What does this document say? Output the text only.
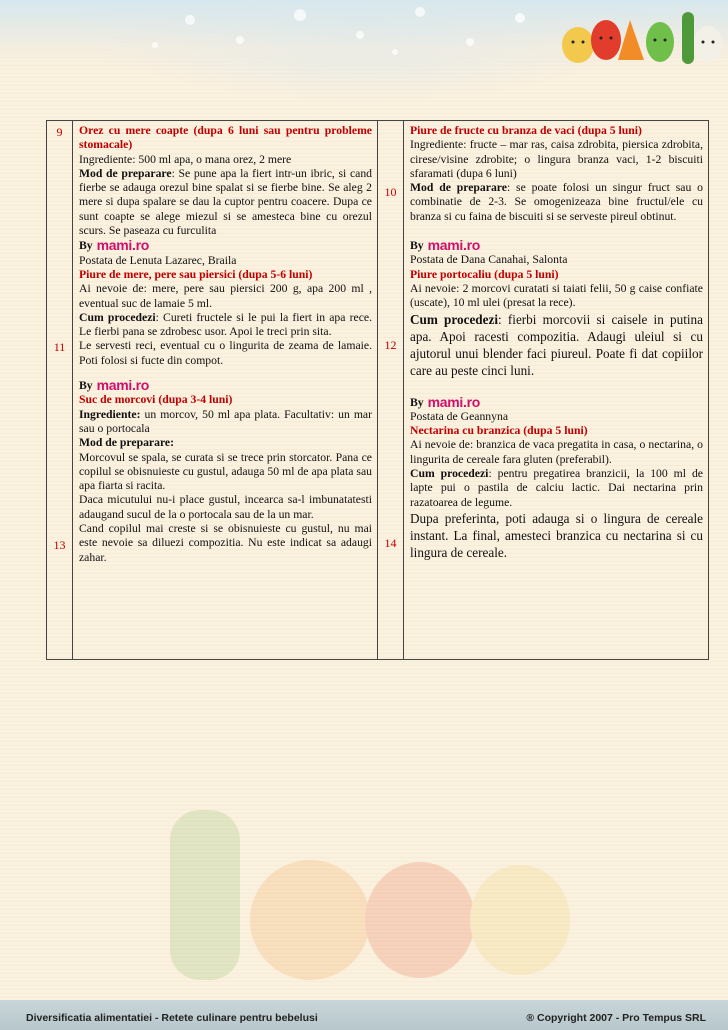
9
11
13

Orez cu mere coapte (dupa 6 luni sau pentru probleme stomacale)

Ingrediente: 500 ml apa, o mana orez, 2 mere

Mod de preparare: Se pune apa la fiert intr-un ibric, si cand fierbe se adauga orezul bine spalat si se fierbe bine. Se aleg 2 mere si dupa spalare se dau la cuptor pentru coacere. Dupa ce sunt coapte se alege miezul si se amesteca bine cu orezul scurs. Se paseaza cu furculita

By mami.ro

Postata de Lenuta Lazarec, Braila

Piure de mere, pere sau piersici (dupa 5-6 luni)

Ai nevoie de: mere, pere sau piersici 200 g, apa 200 ml , eventual suc de lamaie 5 ml.

Cum procedezi: Cureti fructele si le pui la fiert in apa rece. Le fierbi pana se zdrobesc usor. Apoi le treci prin sita.

Le servesti reci, eventual cu o lingurita de zeama de lamaie. Poti folosi si fucte din compot.

By mami.ro

Suc de morcovi (dupa 3-4 luni)

Ingrediente: un morcov, 50 ml apa plata. Facultativ: un mar sau o portocala

Mod de preparare:

Morcovul se spala, se curata si se trece prin storcator. Pana ce copilul se obisnuieste cu gustul, adauga 50 ml de apa plata sau apa fiarta si racita.

Daca micutului nu-i place gustul, incearca sa-l imbunatatesti adaugand sucul de la o portocala sau de la un mar.

Cand copilul mai creste si se obisnuieste cu gustul, nu mai este nevoie sa diluezi compozitia. Nu este indicat sa adaugi zahar.

10
12
14

Piure de fructe cu branza de vaci (dupa 5 luni)

Ingrediente: fructe – mar ras, caisa zdrobita, piersica zdrobita, cirese/visine zdrobite; o lingura branza vaci, 1-2 biscuiti sfaramati (dupa 6 luni)

Mod de preparare: se poate folosi un singur fruct sau o combinatie de 2-3. Se omogenizeaza bine fructul/ele cu branza si cu faina de biscuiti si se serveste pireul obtinut.

By mami.ro

Postata de Dana Canahai, Salonta

Piure portocaliu (dupa 5 luni)

Ai nevoie: 2 morcovi curatati si taiati felii, 50 g caise confiate (uscate), 10 ml ulei (presat la rece).

Cum procedezi: fierbi morcovii si caisele in putina apa. Apoi racesti compozitia. Adaugi uleiul si cu ajutorul unui blender faci piureul. Poate fi dat copiilor care au peste cinci luni.

By mami.ro

Postata de Geannyna

Nectarina cu branzica (dupa 5 luni)

Ai nevoie de: branzica de vaca pregatita in casa, o nectarina, o lingurita de cereale fara gluten (preferabil).

Cum procedezi: pentru pregatirea branzicii, la 100 ml de lapte pui o pastila de calciu lactic. Dai nectarina prin razatoarea de legume.

Dupa preferinta, poti adauga si o lingura de cereale instant. La final, amesteci branzica cu nectarina si cu lingura de cereale.

Diversificatia alimentatiei - Retete culinare pentru bebelusi	® Copyright 2007 - Pro Tempus SRL
